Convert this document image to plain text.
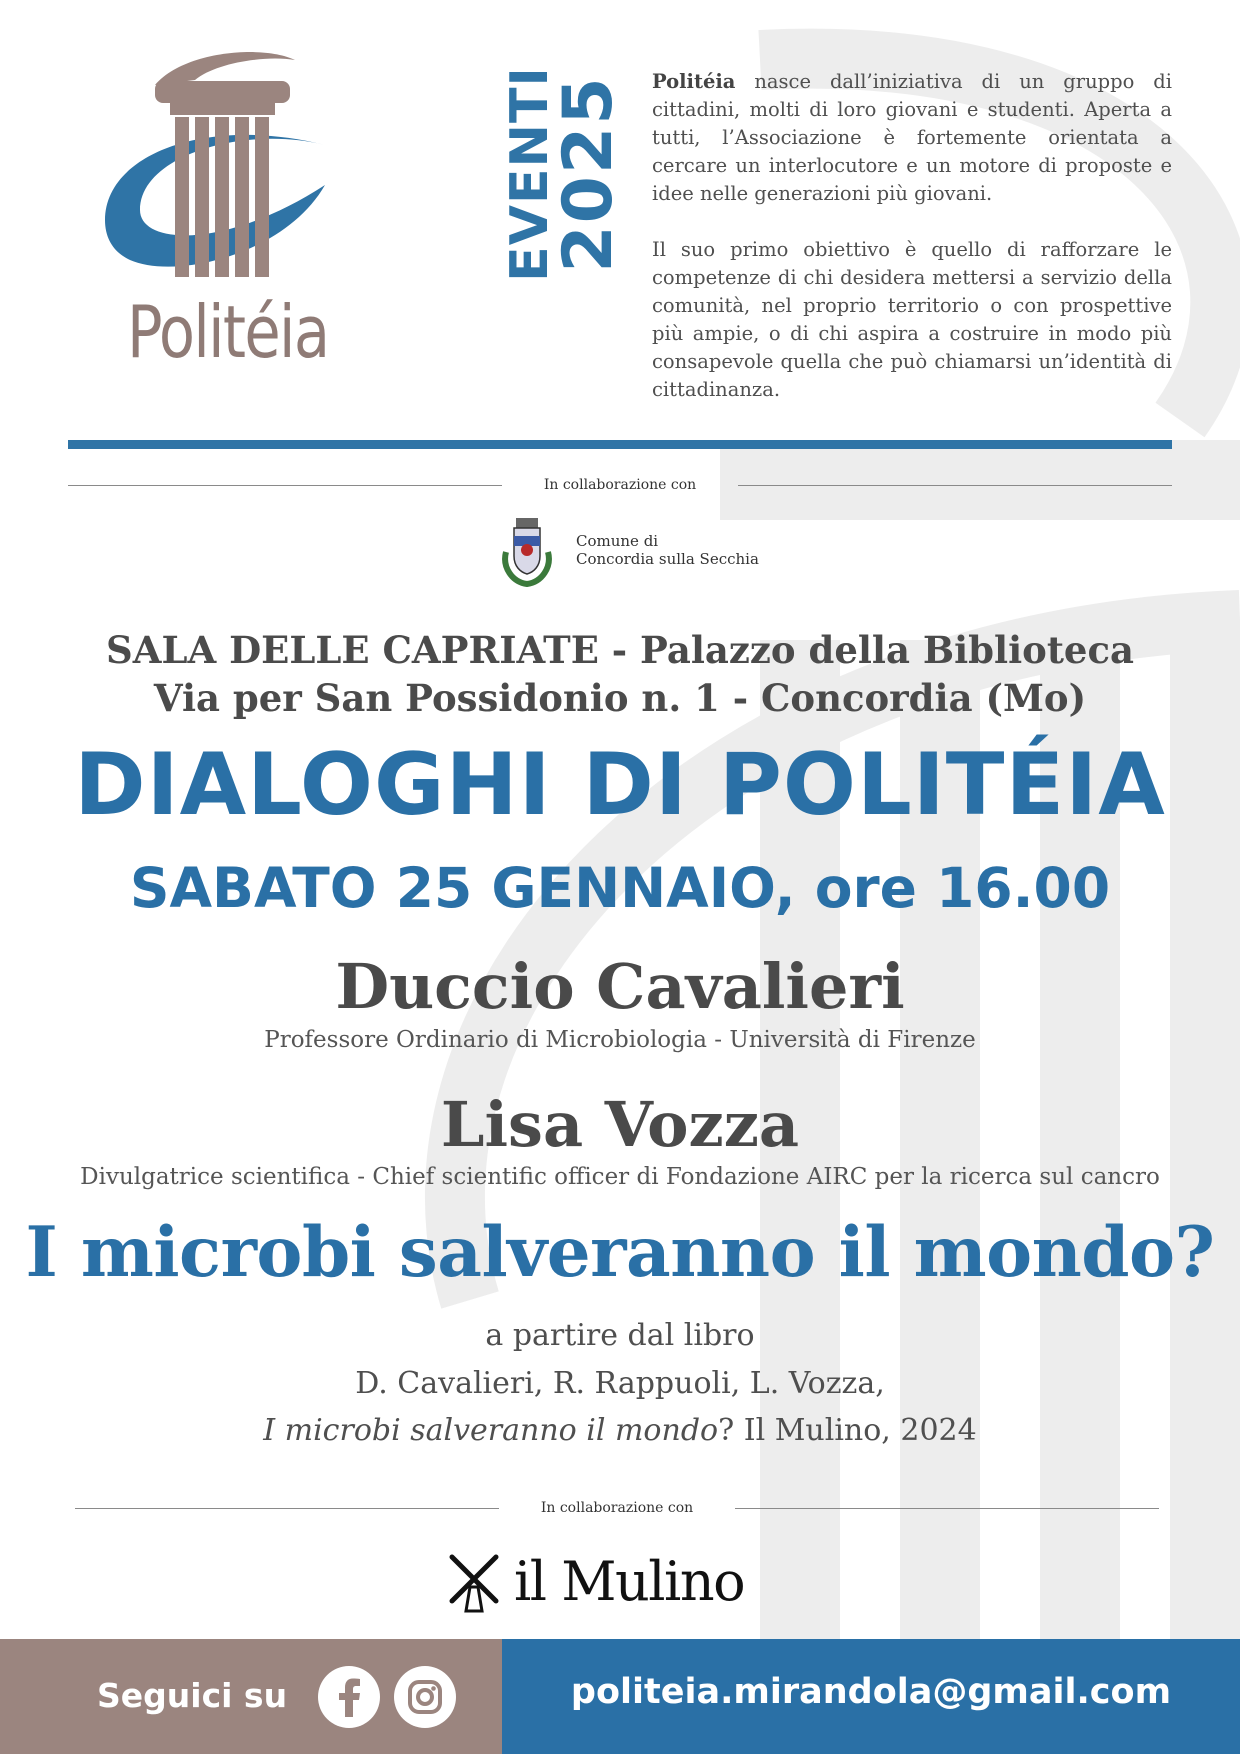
Politéia
EVENTI
2025 Politéia nasce dall’iniziativa di un gruppo di cittadini, molti di loro giovani e studenti. Aperta a tutti, l’Associazione è fortemente orientata a cercare un interlocutore e un motore di proposte e idee nelle generazioni più giovani.

Il suo primo obiettivo è quello di rafforzare le competenze di chi desidera mettersi a servizio della comunità, nel proprio territorio o con prospettive più ampie, o di chi aspira a costruire in modo più consapevole quella che può chiamarsi un’identità di cittadinanza.

In collaborazione con
Comune di
Concordia sulla Secchia
SALA DELLE CAPRIATE - Palazzo della Biblioteca
Via per San Possidonio n. 1 - Concordia (Mo)
DIALOGHI DI POLITÉIA
SABATO 25 GENNAIO, ore 16.00
Duccio Cavalieri
Professore Ordinario di Microbiologia - Università di Firenze
Lisa Vozza
Divulgatrice scientifica - Chief scientific officer di Fondazione AIRC per la ricerca sul cancro
I microbi salveranno il mondo?
a partire dal libro
D. Cavalieri, R. Rappuoli, L. Vozza,
I microbi salveranno il mondo? Il Mulino, 2024
In collaborazione con
il Mulino
Seguici su	politeia.mirandola@gmail.com
